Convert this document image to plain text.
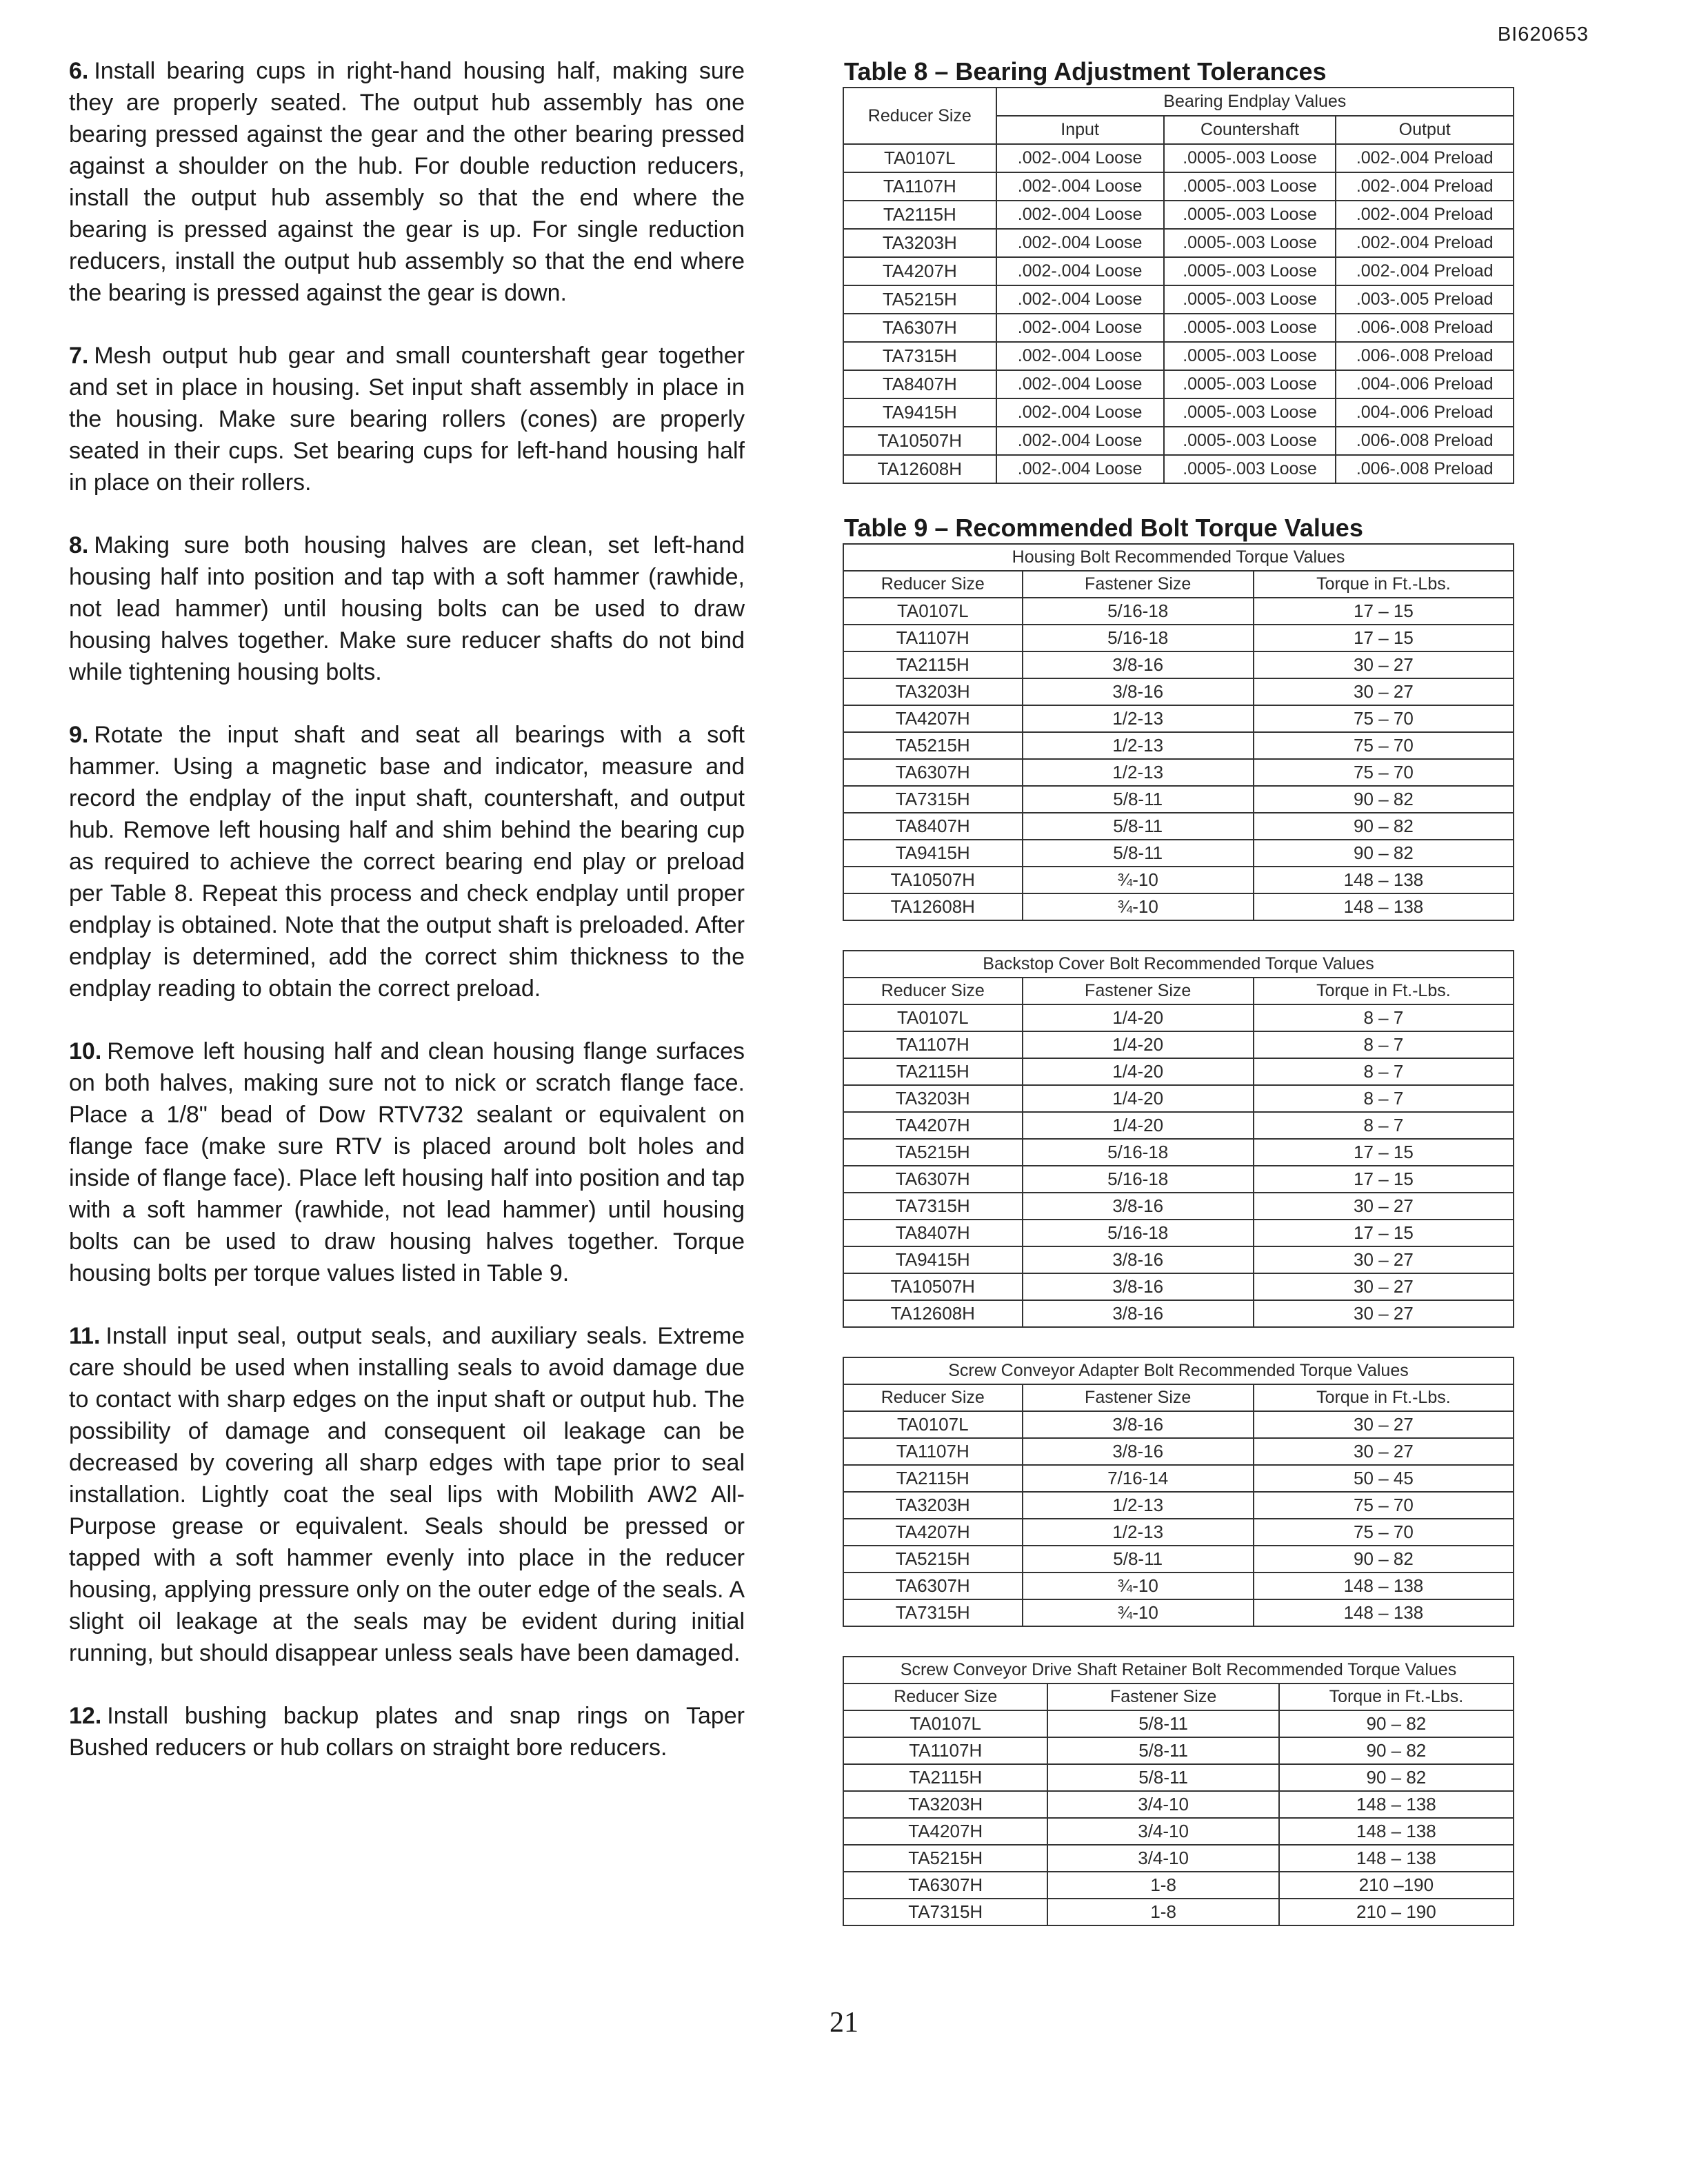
BI620653

6. Install bearing cups in right-hand housing half, making sure they are properly seated. The output hub assembly has one bearing pressed against the gear and the other bearing pressed against a shoulder on the hub. For double reduction reducers, install the output hub assembly so that the end where the bearing is pressed against the gear is up. For single reduction reducers, install the output hub assembly so that the end where the bearing is pressed against the gear is down.

7. Mesh output hub gear and small countershaft gear together and set in place in housing. Set input shaft assembly in place in the housing. Make sure bearing rollers (cones) are properly seated in their cups. Set bearing cups for left-hand housing half in place on their rollers.

8. Making sure both housing halves are clean, set left-hand housing half into position and tap with a soft hammer (rawhide, not lead hammer) until housing bolts can be used to draw housing halves together. Make sure reducer shafts do not bind while tightening housing bolts.

9. Rotate the input shaft and seat all bearings with a soft hammer. Using a magnetic base and indicator, measure and record the endplay of the input shaft, countershaft, and output hub. Remove left housing half and shim behind the bearing cup as required to achieve the correct bearing end play or preload per Table 8. Repeat this process and check endplay until proper endplay is obtained. Note that the output shaft is preloaded. After endplay is determined, add the correct shim thickness to the endplay reading to obtain the correct preload.

10. Remove left housing half and clean housing flange surfaces on both halves, making sure not to nick or scratch flange face. Place a 1/8" bead of Dow RTV732 sealant or equivalent on flange face (make sure RTV is placed around bolt holes and inside of flange face). Place left housing half into position and tap with a soft hammer (rawhide, not lead hammer) until housing bolts can be used to draw housing halves together. Torque housing bolts per torque values listed in Table 9.

11. Install input seal, output seals, and auxiliary seals. Extreme care should be used when installing seals to avoid damage due to contact with sharp edges on the input shaft or output hub. The possibility of damage and consequent oil leakage can be decreased by covering all sharp edges with tape prior to seal installation. Lightly coat the seal lips with Mobilith AW2 All-Purpose grease or equivalent. Seals should be pressed or tapped with a soft hammer evenly into place in the reducer housing, applying pressure only on the outer edge of the seals. A slight oil leakage at the seals may be evident during initial running, but should disappear unless seals have been damaged.

12. Install bushing backup plates and snap rings on Taper Bushed reducers or hub collars on straight bore reducers.

Table 8 – Bearing Adjustment Tolerances
Reducer Size	Bearing Endplay Values		
	Input	Countershaft	Output
TA0107L	.002-.004 Loose	.0005-.003 Loose	.002-.004 Preload
TA1107H	.002-.004 Loose	.0005-.003 Loose	.002-.004 Preload
TA2115H	.002-.004 Loose	.0005-.003 Loose	.002-.004 Preload
TA3203H	.002-.004 Loose	.0005-.003 Loose	.002-.004 Preload
TA4207H	.002-.004 Loose	.0005-.003 Loose	.002-.004 Preload
TA5215H	.002-.004 Loose	.0005-.003 Loose	.003-.005 Preload
TA6307H	.002-.004 Loose	.0005-.003 Loose	.006-.008 Preload
TA7315H	.002-.004 Loose	.0005-.003 Loose	.006-.008 Preload
TA8407H	.002-.004 Loose	.0005-.003 Loose	.004-.006 Preload
TA9415H	.002-.004 Loose	.0005-.003 Loose	.004-.006 Preload
TA10507H	.002-.004 Loose	.0005-.003 Loose	.006-.008 Preload
TA12608H	.002-.004 Loose	.0005-.003 Loose	.006-.008 Preload
Table 9 – Recommended Bolt Torque Values
Housing Bolt Recommended Torque Values		
Reducer Size	Fastener Size	Torque in Ft.-Lbs.
TA0107L	5/16-18	17 – 15
TA1107H	5/16-18	17 – 15
TA2115H	3/8-16	30 – 27
TA3203H	3/8-16	30 – 27
TA4207H	1/2-13	75 – 70
TA5215H	1/2-13	75 – 70
TA6307H	1/2-13	75 – 70
TA7315H	5/8-11	90 – 82
TA8407H	5/8-11	90 – 82
TA9415H	5/8-11	90 – 82
TA10507H	¾-10	148 – 138
TA12608H	¾-10	148 – 138
Backstop Cover Bolt Recommended Torque Values		
Reducer Size	Fastener Size	Torque in Ft.-Lbs.
TA0107L	1/4-20	8 – 7
TA1107H	1/4-20	8 – 7
TA2115H	1/4-20	8 – 7
TA3203H	1/4-20	8 – 7
TA4207H	1/4-20	8 – 7
TA5215H	5/16-18	17 – 15
TA6307H	5/16-18	17 – 15
TA7315H	3/8-16	30 – 27
TA8407H	5/16-18	17 – 15
TA9415H	3/8-16	30 – 27
TA10507H	3/8-16	30 – 27
TA12608H	3/8-16	30 – 27
Screw Conveyor Adapter Bolt Recommended Torque Values		
Reducer Size	Fastener Size	Torque in Ft.-Lbs.
TA0107L	3/8-16	30 – 27
TA1107H	3/8-16	30 – 27
TA2115H	7/16-14	50 – 45
TA3203H	1/2-13	75 – 70
TA4207H	1/2-13	75 – 70
TA5215H	5/8-11	90 – 82
TA6307H	¾-10	148 – 138
TA7315H	¾-10	148 – 138
Screw Conveyor Drive Shaft Retainer Bolt Recommended Torque Values		
Reducer Size	Fastener Size	Torque in Ft.-Lbs.
TA0107L	5/8-11	90 – 82
TA1107H	5/8-11	90 – 82
TA2115H	5/8-11	90 – 82
TA3203H	3/4-10	148 – 138
TA4207H	3/4-10	148 – 138
TA5215H	3/4-10	148 – 138
TA6307H	1-8	210 –190
TA7315H	1-8	210 – 190
21
